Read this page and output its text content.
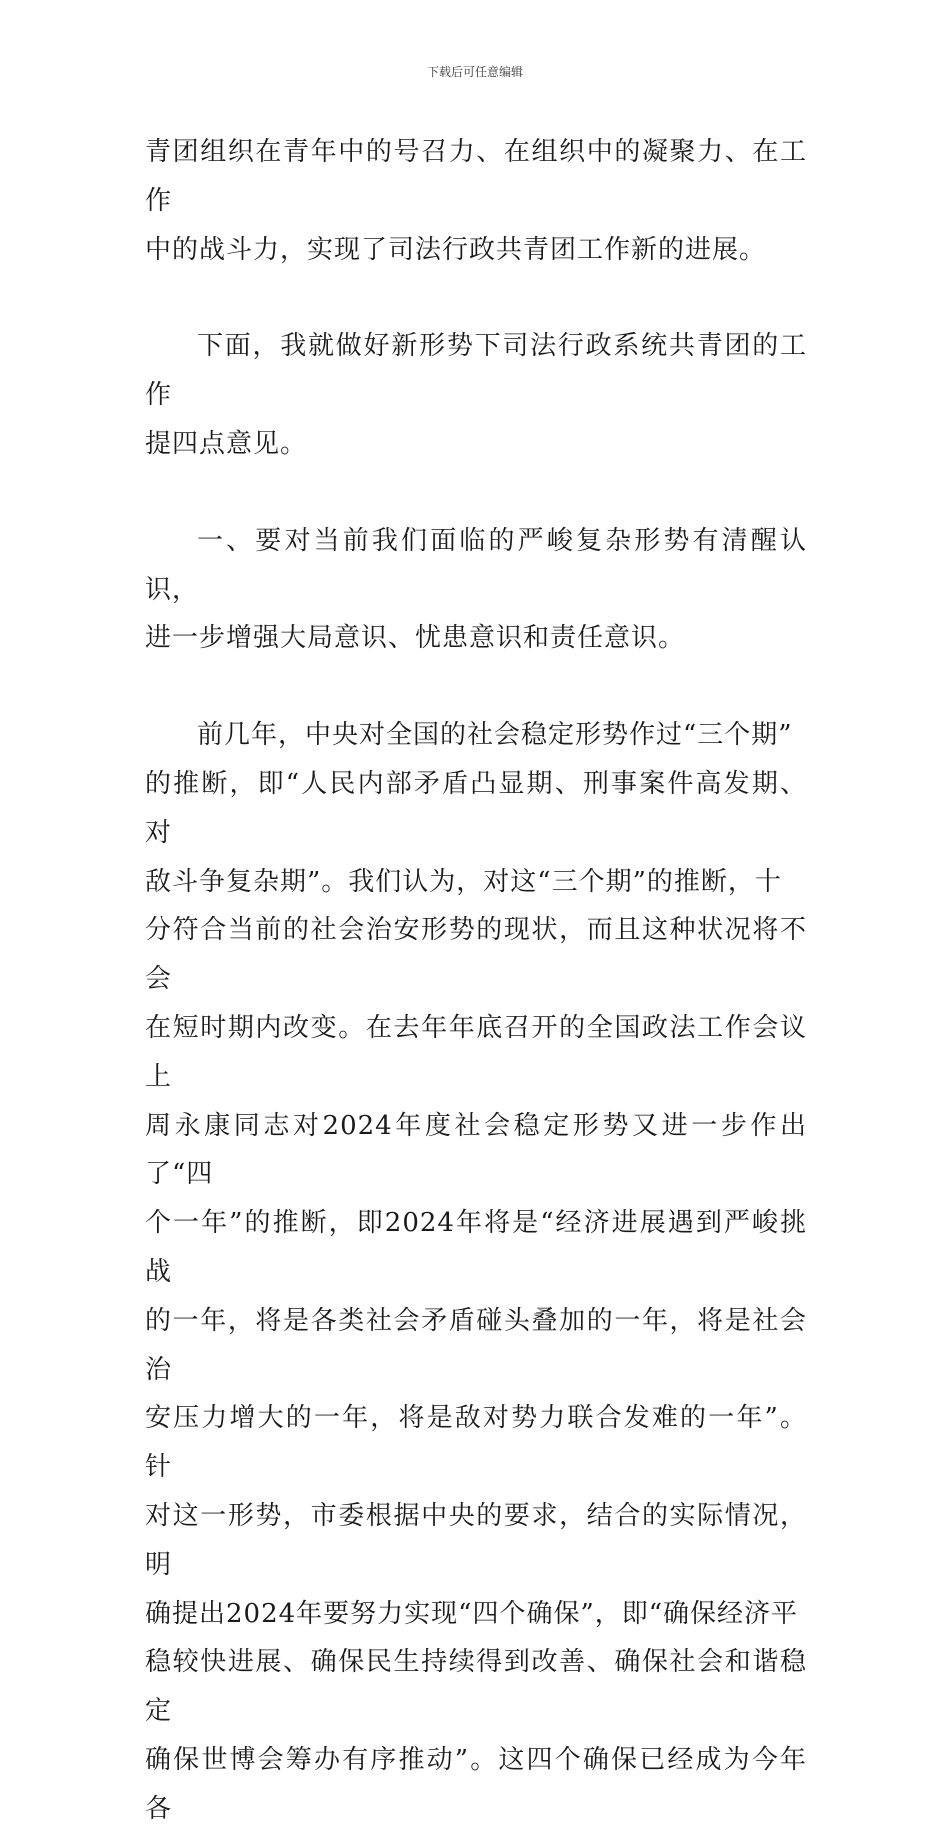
下载后可任意编辑

青团组织在青年中的号召力、在组织中的凝聚力、在工作
中的战斗力，实现了司法行政共青团工作新的进展。

下面，我就做好新形势下司法行政系统共青团的工作
提四点意见。

一、要对当前我们面临的严峻复杂形势有清醒认识，
进一步增强大局意识、忧患意识和责任意识。

前几年，中央对全国的社会稳定形势作过“三个期”
的推断，即“人民内部矛盾凸显期、刑事案件高发期、对
敌斗争复杂期”。我们认为，对这“三个期”的推断，十
分符合当前的社会治安形势的现状，而且这种状况将不会
在短时期内改变。在去年年底召开的全国政法工作会议上
周永康同志对2024年度社会稳定形势又进一步作出了“四
个一年”的推断，即2024年将是“经济进展遇到严峻挑战
的一年，将是各类社会矛盾碰头叠加的一年，将是社会治
安压力增大的一年，将是敌对势力联合发难的一年”。针
对这一形势，市委根据中央的要求，结合的实际情况，明
确提出2024年要努力实现“四个确保”，即“确保经济平
稳较快进展、确保民生持续得到改善、确保社会和谐稳定
确保世博会筹办有序推动”。这四个确保已经成为今年各
